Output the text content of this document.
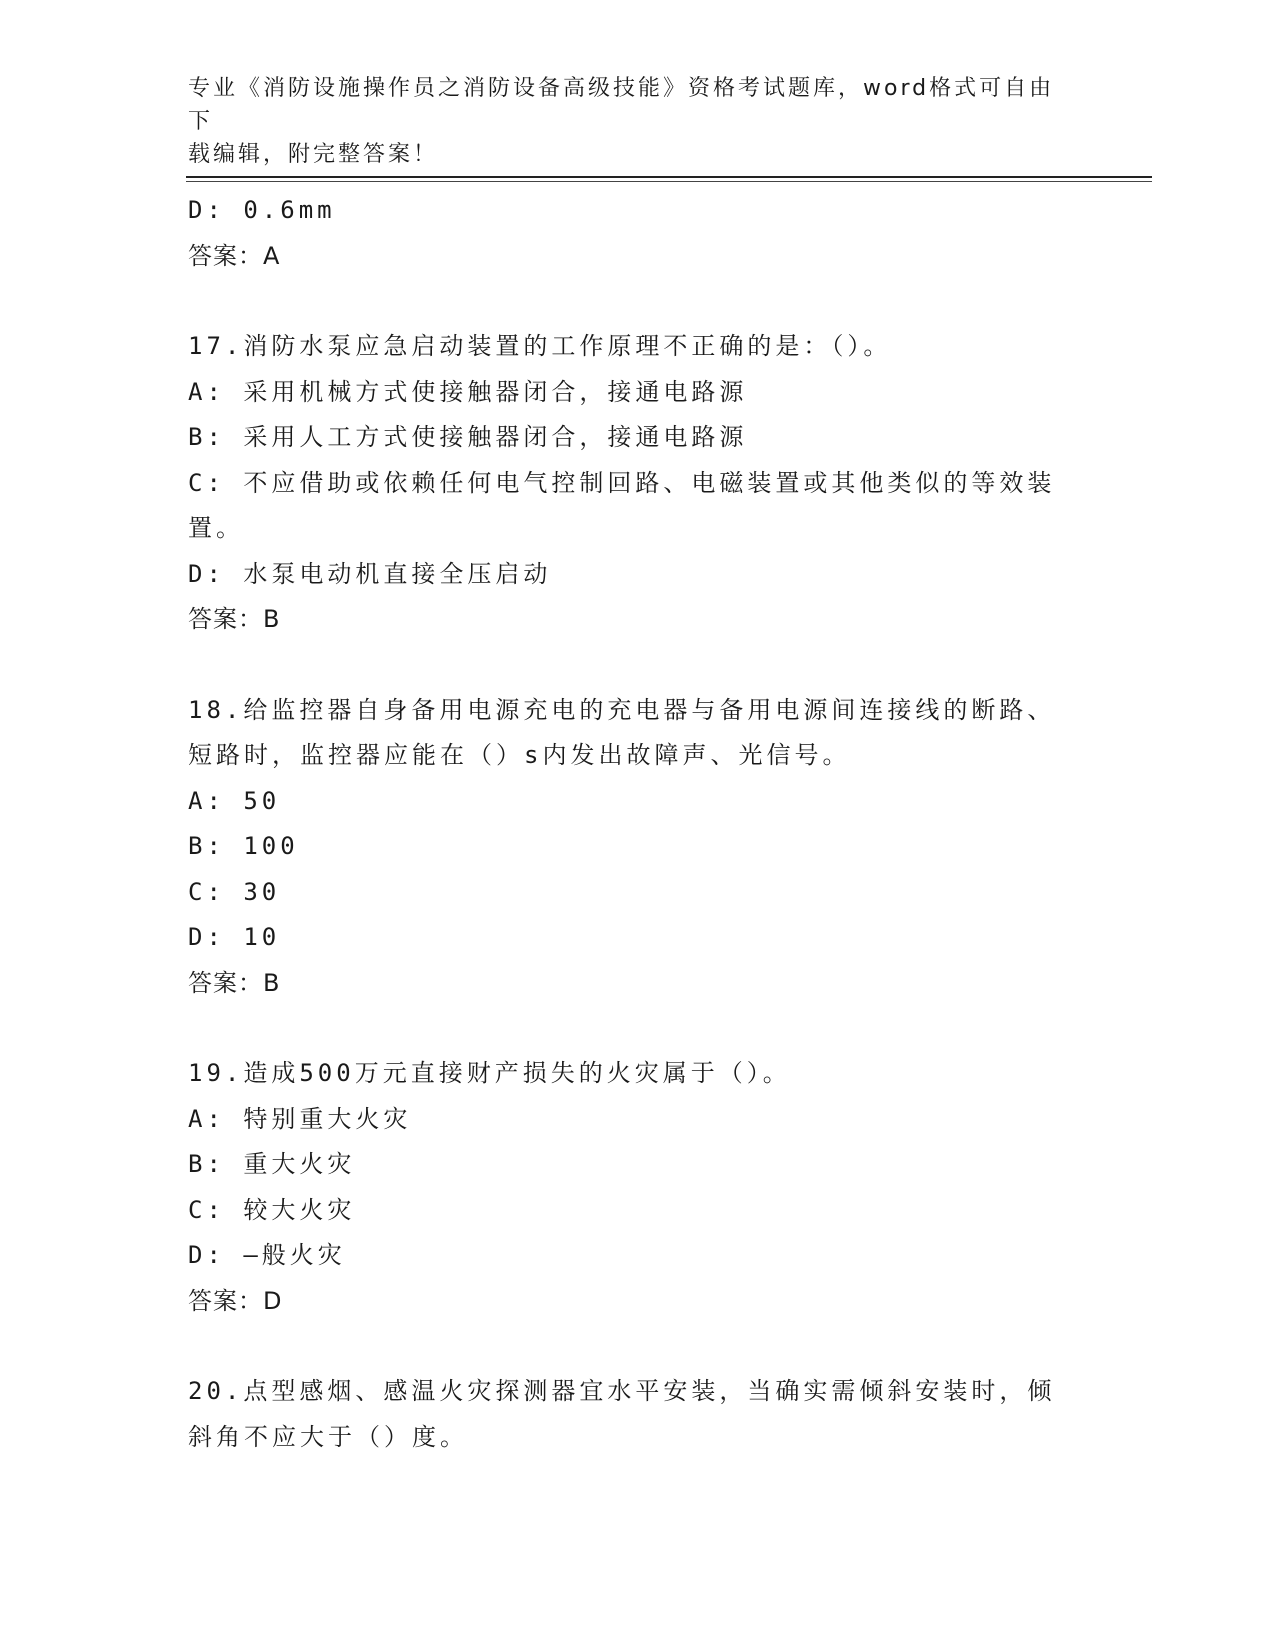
专业《消防设施操作员之消防设备高级技能》资格考试题库，word格式可自由下
载编辑，附完整答案！
D: 0.6mm
答案：A
17.消防水泵应急启动装置的工作原理不正确的是：（）。
A: 采用机械方式使接触器闭合，接通电路源
B: 采用人工方式使接触器闭合，接通电路源
C: 不应借助或依赖任何电气控制回路、电磁装置或其他类似的等效装
置。
D: 水泵电动机直接全压启动
答案：B
18.给监控器自身备用电源充电的充电器与备用电源间连接线的断路、
短路时，监控器应能在（）s内发出故障声、光信号。
A: 50
B: 100
C: 30
D: 10
答案：B
19.造成500万元直接财产损失的火灾属于（）。
A: 特别重大火灾
B: 重大火灾
C: 较大火灾
D: —般火灾
答案：D
20.点型感烟、感温火灾探测器宜水平安装，当确实需倾斜安装时，倾
斜角不应大于（）度。
